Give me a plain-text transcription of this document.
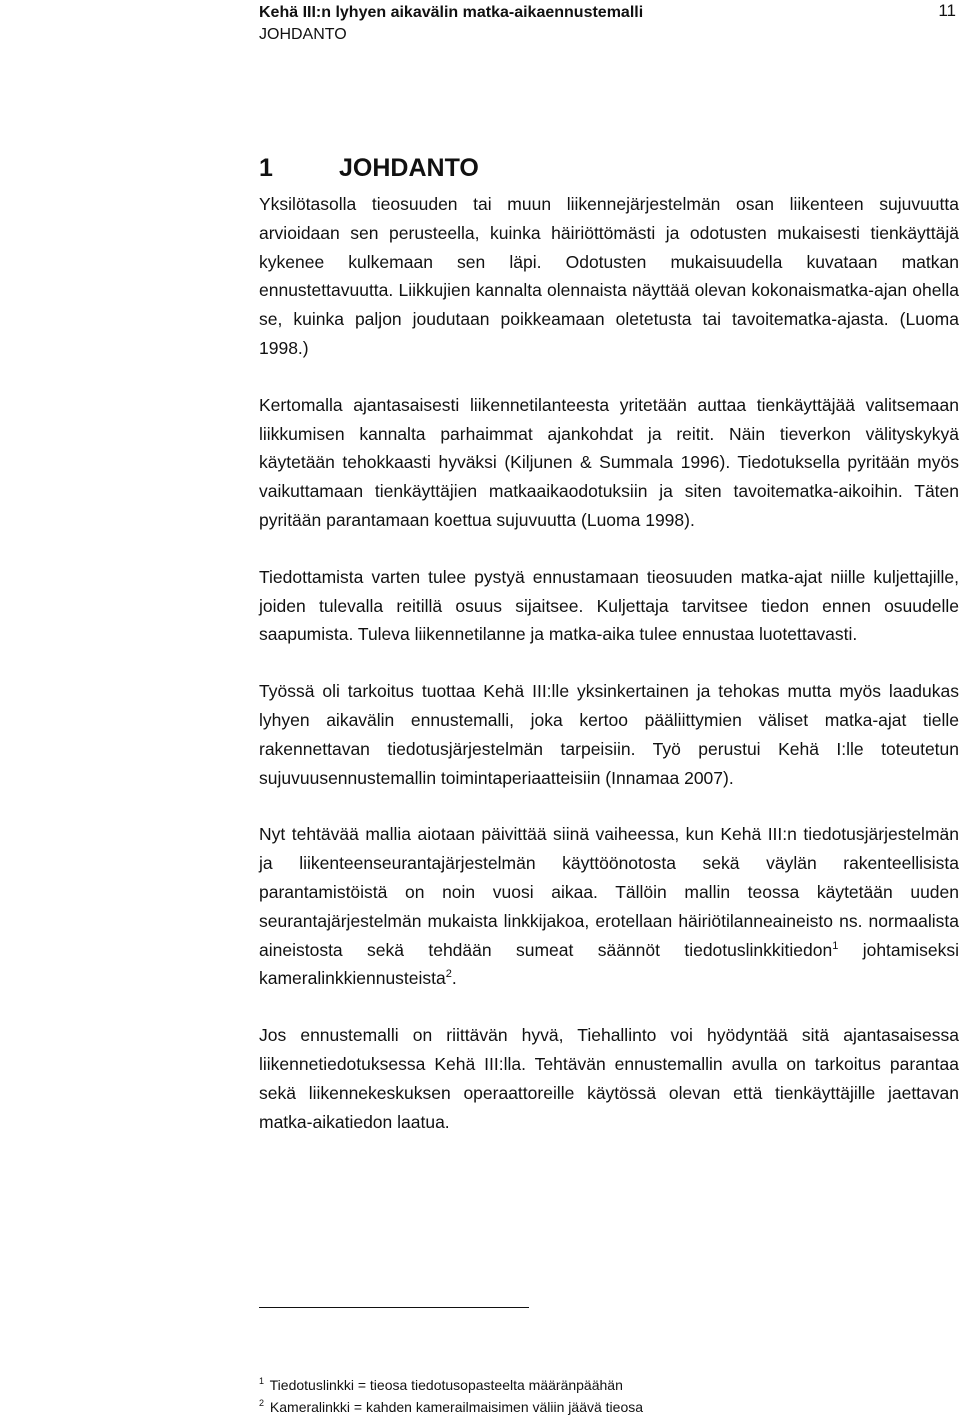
Kehä III:n lyhyen aikavälin matka-aikaennustemalli
JOHDANTO
11
1	JOHDANTO

Yksilötasolla tieosuuden tai muun liikennejärjestelmän osan liikenteen sujuvuutta arvioidaan sen perusteella, kuinka häiriöttömästi ja odotusten mukaisesti tienkäyttäjä kykenee kulkemaan sen läpi. Odotusten mukaisuudella kuvataan matkan ennustettavuutta. Liikkujien kannalta olennaista näyttää olevan kokonaismatka-ajan ohella se, kuinka paljon joudutaan poikkeamaan oletetusta tai tavoitematka-ajasta. (Luoma 1998.)

Kertomalla ajantasaisesti liikennetilanteesta yritetään auttaa tienkäyttäjää valitsemaan liikkumisen kannalta parhaimmat ajankohdat ja reitit. Näin tieverkon välityskykyä käytetään tehokkaasti hyväksi (Kiljunen & Summala 1996). Tiedotuksella pyritään myös vaikuttamaan tienkäyttäjien matkaaikaodotuksiin ja siten tavoitematka-aikoihin. Täten pyritään parantamaan koettua sujuvuutta (Luoma 1998).

Tiedottamista varten tulee pystyä ennustamaan tieosuuden matka-ajat niille kuljettajille, joiden tulevalla reitillä osuus sijaitsee. Kuljettaja tarvitsee tiedon ennen osuudelle saapumista. Tuleva liikennetilanne ja matka-aika tulee ennustaa luotettavasti.

Työssä oli tarkoitus tuottaa Kehä III:lle yksinkertainen ja tehokas mutta myös laadukas lyhyen aikavälin ennustemalli, joka kertoo pääliittymien väliset matka-ajat tielle rakennettavan tiedotusjärjestelmän tarpeisiin. Työ perustui Kehä I:lle toteutetun sujuvuusennustemallin toimintaperiaatteisiin (Innamaa 2007).

Nyt tehtävää mallia aiotaan päivittää siinä vaiheessa, kun Kehä III:n tiedotusjärjestelmän ja liikenteenseurantajärjestelmän käyttöönotosta sekä väylän rakenteellisista parantamistöistä on noin vuosi aikaa. Tällöin mallin teossa käytetään uuden seurantajärjestelmän mukaista linkkijakoa, erotellaan häiriötilanneaineisto ns. normaalista aineistosta sekä tehdään sumeat säännöt tiedotuslinkkitiedon$^1$ johtamiseksi kameralinkkiennusteista$^2$.

Jos ennustemalli on riittävän hyvä, Tiehallinto voi hyödyntää sitä ajantasaisessa liikennetiedotuksessa Kehä III:lla. Tehtävän ennustemallin avulla on tarkoitus parantaa sekä liikennekeskuksen operaattoreille käytössä olevan että tienkäyttäjille jaettavan matka-aikatiedon laatua.

$^1$ Tiedotuslinkki = tieosa tiedotusopasteelta määränpäähän
$^2$ Kameralinkki = kahden kamerailmaisimen väliin jäävä tieosa
